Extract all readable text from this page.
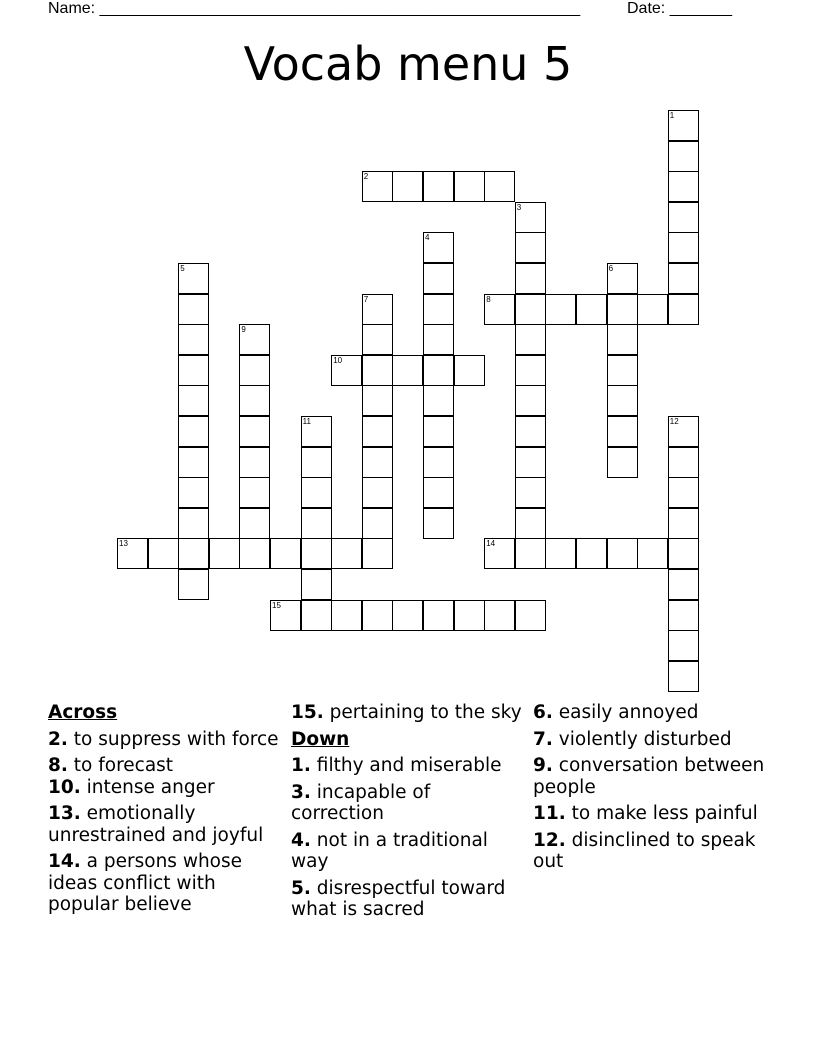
Name: ______________________________________________________	Date: _______
Vocab menu 5
1
2
3
4
5	6
7	8
9
10
11	12
13	14
15
Across
2. to suppress with force
8. to forecast
10. intense anger
13. emotionally unrestrained and joyful
14. a persons whose ideas conflict with popular believe
15. pertaining to the sky
Down
1. filthy and miserable
3. incapable of correction
4. not in a traditional way
5. disrespectful toward what is sacred
6. easily annoyed
7. violently disturbed
9. conversation between people
11. to make less painful
12. disinclined to speak out
